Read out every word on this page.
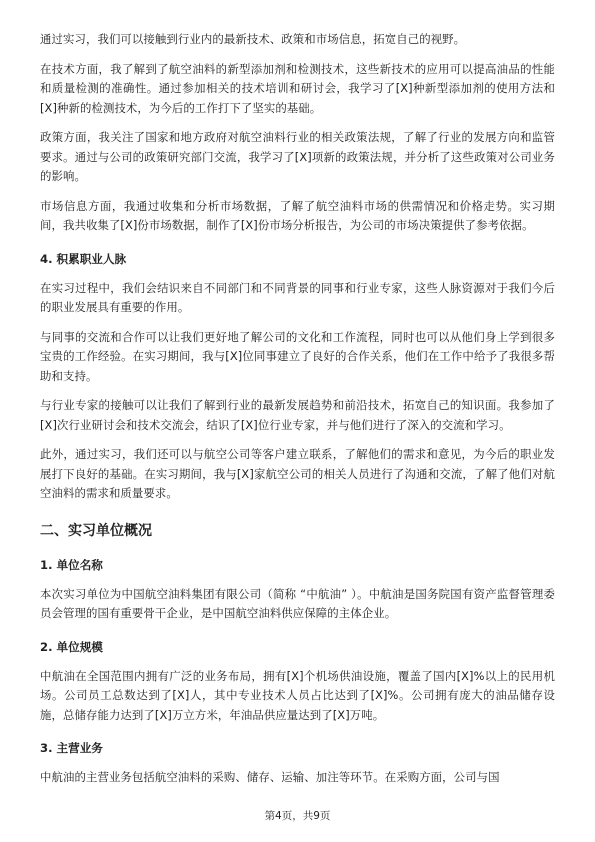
通过实习，我们可以接触到行业内的最新技术、政策和市场信息，拓宽自己的视野。

在技术方面，我了解到了航空油料的新型添加剂和检测技术，这些新技术的应用可以提高油品的性能和质量检测的准确性。通过参加相关的技术培训和研讨会，我学习了[X]种新型添加剂的使用方法和[X]种新的检测技术，为今后的工作打下了坚实的基础。

政策方面，我关注了国家和地方政府对航空油料行业的相关政策法规，了解了行业的发展方向和监管要求。通过与公司的政策研究部门交流，我学习了[X]项新的政策法规，并分析了这些政策对公司业务的影响。

市场信息方面，我通过收集和分析市场数据，了解了航空油料市场的供需情况和价格走势。实习期间，我共收集了[X]份市场数据，制作了[X]份市场分析报告，为公司的市场决策提供了参考依据。

4. 积累职业人脉

在实习过程中，我们会结识来自不同部门和不同背景的同事和行业专家，这些人脉资源对于我们今后的职业发展具有重要的作用。

与同事的交流和合作可以让我们更好地了解公司的文化和工作流程，同时也可以从他们身上学到很多宝贵的工作经验。在实习期间，我与[X]位同事建立了良好的合作关系，他们在工作中给予了我很多帮助和支持。

与行业专家的接触可以让我们了解到行业的最新发展趋势和前沿技术，拓宽自己的知识面。我参加了[X]次行业研讨会和技术交流会，结识了[X]位行业专家，并与他们进行了深入的交流和学习。

此外，通过实习，我们还可以与航空公司等客户建立联系，了解他们的需求和意见，为今后的职业发展打下良好的基础。在实习期间，我与[X]家航空公司的相关人员进行了沟通和交流，了解了他们对航空油料的需求和质量要求。

二、实习单位概况
1. 单位名称

本次实习单位为中国航空油料集团有限公司（简称 “中航油” ）。中航油是国务院国有资产监督管理委员会管理的国有重要骨干企业，是中国航空油料供应保障的主体企业。

2. 单位规模

中航油在全国范围内拥有广泛的业务布局，拥有[X]个机场供油设施，覆盖了国内[X]%以上的民用机场。公司员工总数达到了[X]人，其中专业技术人员占比达到了[X]%。公司拥有庞大的油品储存设施，总储存能力达到了[X]万立方米，年油品供应量达到了[X]万吨。

3. 主营业务

中航油的主营业务包括航空油料的采购、储存、运输、加注等环节。在采购方面，公司与国

第4页，共9页
